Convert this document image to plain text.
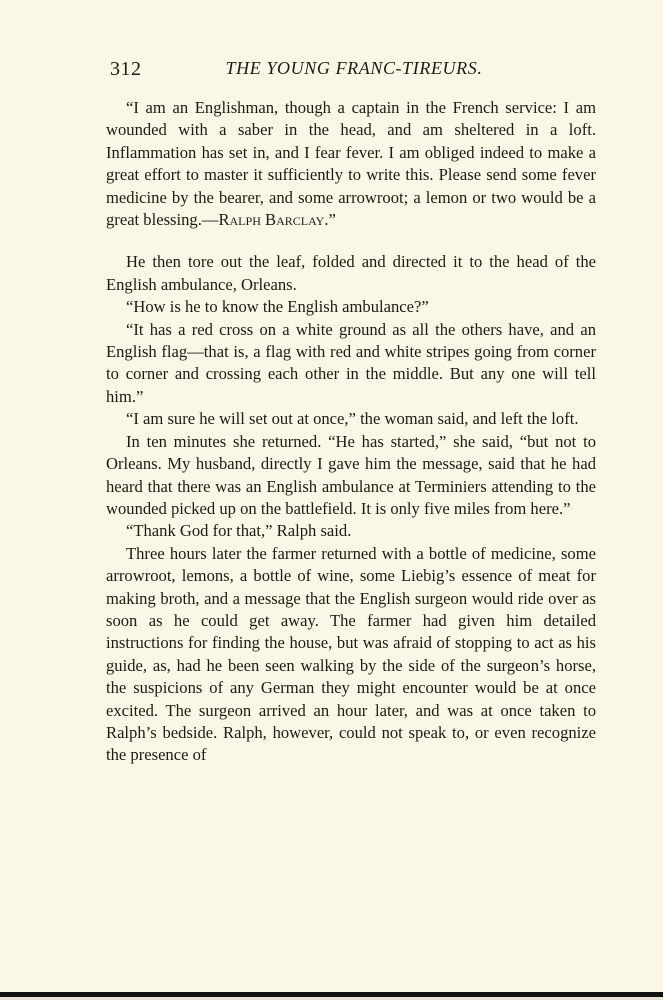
312	THE YOUNG FRANC-TIREURS.

“I am an Englishman, though a captain in the French service: I am wounded with a saber in the head, and am sheltered in a loft. Inflammation has set in, and I fear fever. I am obliged indeed to make a great effort to master it sufficiently to write this. Please send some fever medicine by the bearer, and some arrowroot; a lemon or two would be a great blessing.—Ralph Barclay.”

He then tore out the leaf, folded and directed it to the head of the English ambulance, Orleans.

“How is he to know the English ambulance?”

“It has a red cross on a white ground as all the others have, and an English flag—that is, a flag with red and white stripes going from corner to corner and crossing each other in the middle. But any one will tell him.”

“I am sure he will set out at once,” the woman said, and left the loft.

In ten minutes she returned. “He has started,” she said, “but not to Orleans. My husband, directly I gave him the message, said that he had heard that there was an English ambulance at Terminiers attending to the wounded picked up on the battlefield. It is only five miles from here.”

“Thank God for that,” Ralph said.

Three hours later the farmer returned with a bottle of medicine, some arrowroot, lemons, a bottle of wine, some Liebig’s essence of meat for making broth, and a message that the English surgeon would ride over as soon as he could get away. The farmer had given him detailed instructions for finding the house, but was afraid of stopping to act as his guide, as, had he been seen walking by the side of the surgeon’s horse, the suspicions of any German they might encounter would be at once excited. The surgeon arrived an hour later, and was at once taken to Ralph’s bedside. Ralph, however, could not speak to, or even recognize the presence of
